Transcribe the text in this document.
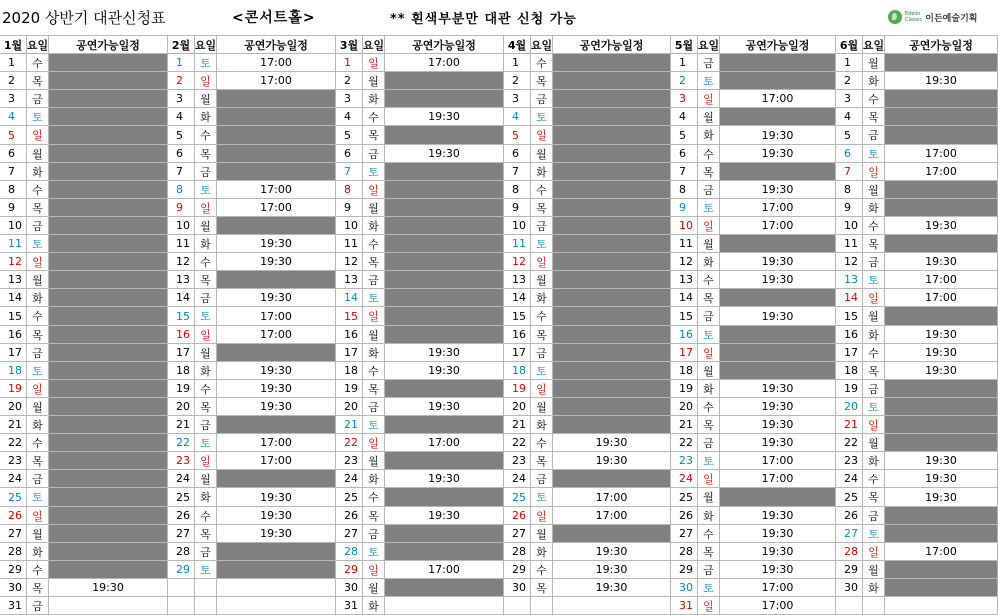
2020 상반기 대관신청표	<콘서트홀>	** 흰색부분만 대관 신청 가능	Edelin
Classic 이든예술기획
1월 요일	공연가능일정
1	수
2	목
3	금
4	토
5	일
6	월
7	화
8	수
9	목
10 금
11 토
12 일
13 월
14 화
15 수
16 목
17 금
18 토
19 일
20 월
21 화
22 수
23 목
24 금
25 토
26 일
27 월
28 화
29 수
30 목	19:30
31 금
2월 요일	공연가능일정
1	토	17:00
2	일	17:00
3	월
4	화
5	수
6	목
7	금
8	토	17:00
9	일	17:00
10 월
11 화	19:30
12 수	19:30
13 목
14 금	19:30
15 토	17:00
16 일	17:00
17 월
18 화	19:30
19 수	19:30
20 목	19:30
21 금
22 토	17:00
23 일	17:00
24 월
25 화	19:30
26 수	19:30
27 목	19:30
28 금
29 토
3월 요일	공연가능일정
1	일	17:00
2	월
3	화
4	수	19:30
5	목
6	금	19:30
7	토
8	일
9	월
10 화
11 수
12 목
13 금
14 토
15 일
16 월
17 화	19:30
18 수	19:30
19 목
20 금	19:30
21 토
22 일	17:00
23 월
24 화	19:30
25 수
26 목	19:30
27 금
28 토
29 일	17:00
30 월
31 화
4월 요일	공연가능일정
1	수
2	목
3	금
4	토
5	일
6	월
7	화
8	수
9	목
10 금
11 토
12 일
13 월
14 화
15 수
16 목
17 금
18 토
19 일
20 월
21 화
22 수	19:30
23 목	19:30
24 금
25 토	17:00
26 일	17:00
27 월
28 화	19:30
29 수	19:30
30 목	19:30
5월 요일	공연가능일정
1	금
2	토
3	일	17:00
4	월
5	화	19:30
6	수	19:30
7	목
8	금	19:30
9	토	17:00
10 일	17:00
11 월
12 화	19:30
13 수	19:30
14 목
15 금	19:30
16 토
17 일
18 월
19 화	19:30
20 수	19:30
21 목	19:30
22 금	19:30
23 토	17:00
24 일	17:00
25 월
26 화	19:30
27 수	19:30
28 목	19:30
29 금	19:30
30 토	17:00
31 일	17:00
6월 요일	공연가능일정
1	월
2	화	19:30
3	수
4	목
5	금
6	토	17:00
7	일	17:00
8	월
9	화
10 수	19:30
11 목
12 금	19:30
13 토	17:00
14 일	17:00
15 월
16 화	19:30
17 수	19:30
18 목	19:30
19 금
20 토
21 일
22 월
23 화	19:30
24 수	19:30
25 목	19:30
26 금
27 토
28 일	17:00
29 월
30 화
